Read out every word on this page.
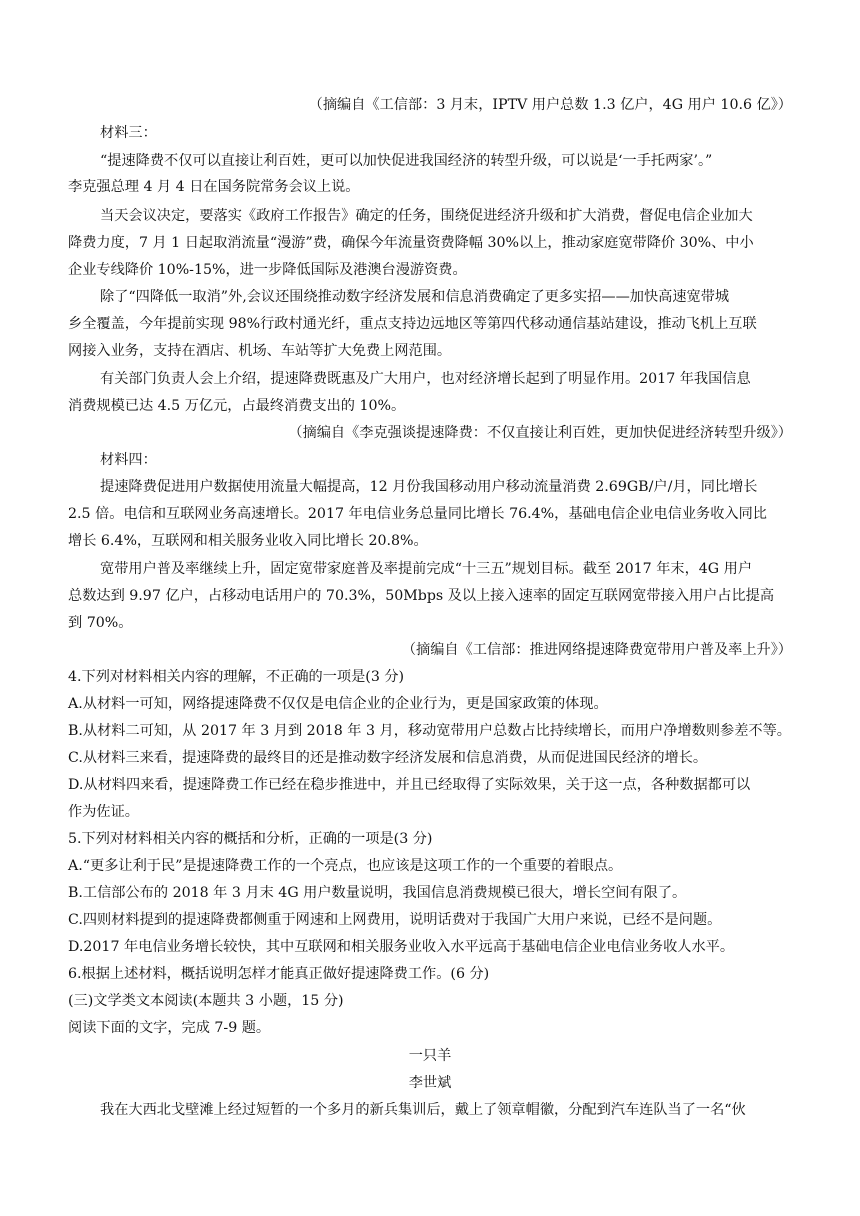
（摘编自《工信部：3 月末，IPTV 用户总数 1.3 亿户，4G 用户 10.6 亿》）
材料三：
“提速降费不仅可以直接让利百姓，更可以加快促进我国经济的转型升级，可以说是‘一手托两家’。”
李克强总理 4 月 4 日在国务院常务会议上说。
当天会议决定，要落实《政府工作报告》确定的任务，围绕促进经济升级和扩大消费，督促电信企业加大
降费力度，7 月 1 日起取消流量“漫游”费，确保今年流量资费降幅 30%以上，推动家庭宽带降价 30%、中小
企业专线降价 10%-15%，进一步降低国际及港澳台漫游资费。
除了“四降低一取消”外,会议还围绕推动数字经济发展和信息消费确定了更多实招——加快高速宽带城
乡全覆盖，今年提前实现 98%行政村通光纤，重点支持边远地区等第四代移动通信基站建设，推动飞机上互联
网接入业务，支持在酒店、机场、车站等扩大免费上网范围。
有关部门负责人会上介绍，提速降费既惠及广大用户，也对经济增长起到了明显作用。2017 年我国信息
消费规模已达 4.5 万亿元，占最终消费支出的 10%。
（摘编自《李克强谈提速降费：不仅直接让利百姓，更加快促进经济转型升级》）
材料四：
提速降费促进用户数据使用流量大幅提高，12 月份我国移动用户移动流量消费 2.69GB/户/月，同比增长
2.5 倍。电信和互联网业务高速增长。2017 年电信业务总量同比增长 76.4%，基础电信企业电信业务收入同比
增长 6.4%，互联网和相关服务业收入同比增长 20.8%。
宽带用户普及率继续上升，固定宽带家庭普及率提前完成“十三五”规划目标。截至 2017 年末，4G 用户
总数达到 9.97 亿户，占移动电话用户的 70.3%，50Mbps 及以上接入速率的固定互联网宽带接入用户占比提高
到 70%。
（摘编自《工信部：推进网络提速降费宽带用户普及率上升》）
4.下列对材料相关内容的理解，不正确的一项是(3 分)
A.从材料一可知，网络提速降费不仅仅是电信企业的企业行为，更是国家政策的体现。
B.从材料二可知，从 2017 年 3 月到 2018 年 3 月，移动宽带用户总数占比持续增长，而用户净增数则参差不等。
C.从材料三来看，提速降费的最终目的还是推动数字经济发展和信息消费，从而促进国民经济的增长。
D.从材料四来看，提速降费工作已经在稳步推进中，并且已经取得了实际效果，关于这一点，各种数据都可以
作为佐证。
5.下列对材料相关内容的概括和分析，正确的一项是(3 分)
A.“更多让利于民”是提速降费工作的一个亮点，也应该是这项工作的一个重要的着眼点。
B.工信部公布的 2018 年 3 月末 4G 用户数量说明，我国信息消费规模已很大，增长空间有限了。
C.四则材料提到的提速降费都侧重于网速和上网费用，说明话费对于我国广大用户来说，已经不是问题。
D.2017 年电信业务增长较快，其中互联网和相关服务业收入水平远高于基础电信企业电信业务收人水平。
6.根据上述材料，概括说明怎样才能真正做好提速降费工作。(6 分)
(三)文学类文本阅读(本题共 3 小题，15 分)
阅读下面的文字，完成 7-9 题。
一只羊
李世斌
我在大西北戈壁滩上经过短暂的一个多月的新兵集训后，戴上了领章帽徽，分配到汽车连队当了一名“伙
